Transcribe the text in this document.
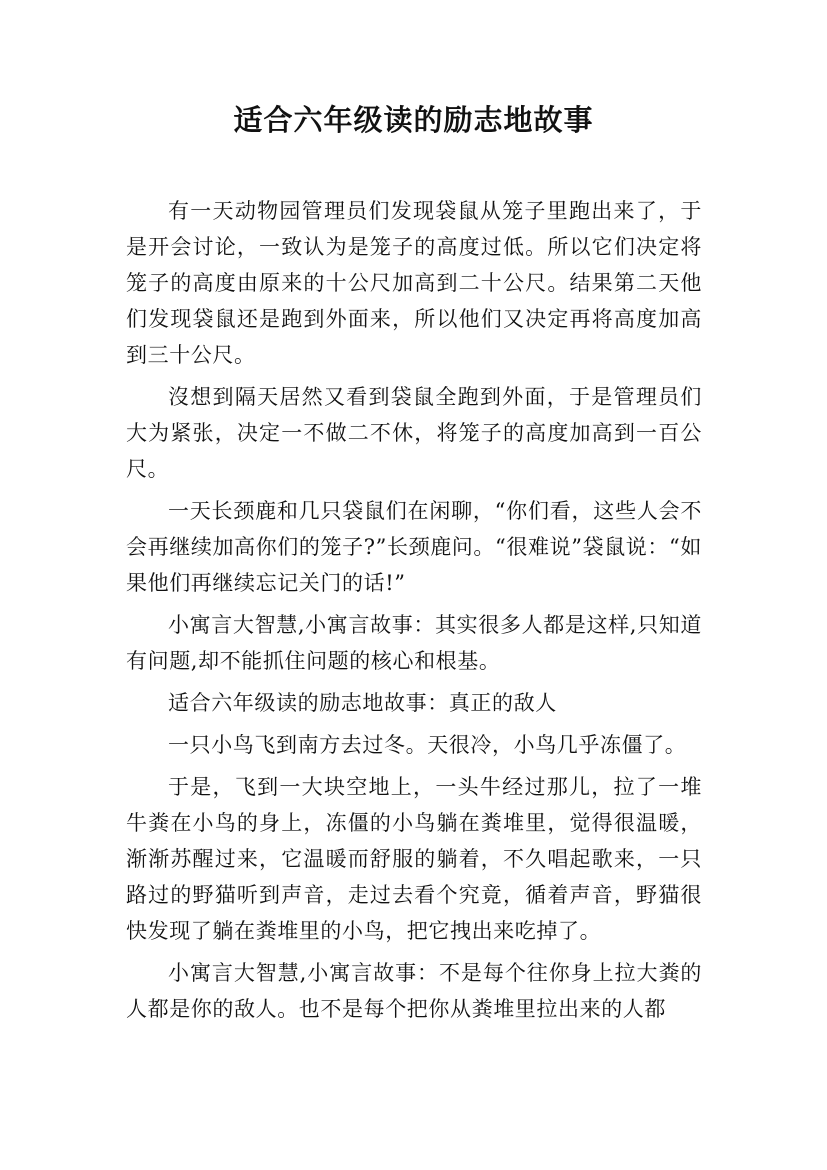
适合六年级读的励志地故事

有一天动物园管理员们发现袋鼠从笼子里跑出来了，于是开会讨论，一致认为是笼子的高度过低。所以它们决定将笼子的高度由原来的十公尺加高到二十公尺。结果第二天他们发现袋鼠还是跑到外面来，所以他们又决定再将高度加高到三十公尺。

沒想到隔天居然又看到袋鼠全跑到外面，于是管理员们大为紧张，决定一不做二不休，将笼子的高度加高到一百公尺。

一天长颈鹿和几只袋鼠们在闲聊，“你们看，这些人会不会再继续加高你们的笼子?”长颈鹿问。“很难说”袋鼠说：“如果他们再继续忘记关门的话!”

小寓言大智慧,小寓言故事：其实很多人都是这样,只知道有问题,却不能抓住问题的核心和根基。

适合六年级读的励志地故事：真正的敌人

一只小鸟飞到南方去过冬。天很冷，小鸟几乎冻僵了。

于是，飞到一大块空地上，一头牛经过那儿，拉了一堆牛粪在小鸟的身上，冻僵的小鸟躺在粪堆里，觉得很温暖，渐渐苏醒过来，它温暖而舒服的躺着，不久唱起歌来，一只路过的野猫听到声音，走过去看个究竟，循着声音，野猫很快发现了躺在粪堆里的小鸟，把它拽出来吃掉了。

小寓言大智慧,小寓言故事：不是每个往你身上拉大粪的人都是你的敌人。也不是每个把你从粪堆里拉出来的人都
